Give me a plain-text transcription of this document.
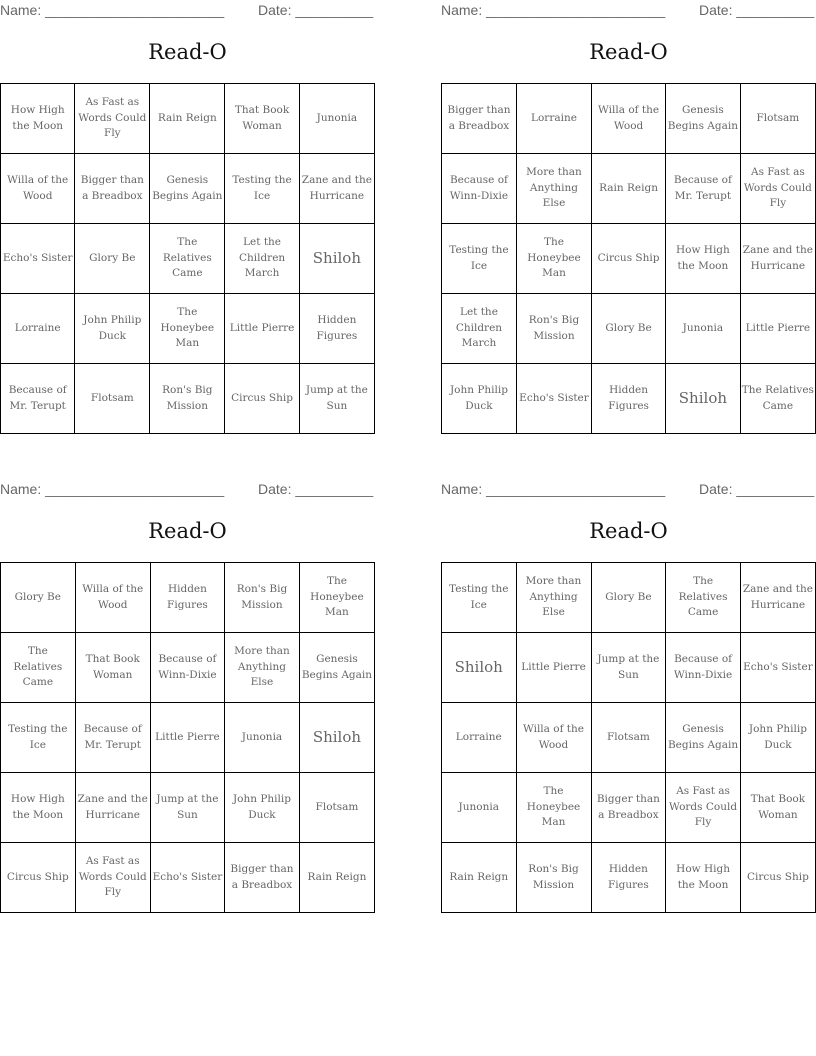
Name: _______________________ Date: __________
Read-O
How High the Moon	As Fast as Words Could Fly	Rain Reign	That Book Woman	Junonia
Willa of the Wood	Bigger than a Breadbox	Genesis Begins Again	Testing the Ice	Zane and the Hurricane
Echo's Sister	Glory Be	The Relatives Came	Let the Children March	Shiloh
Lorraine	John Philip Duck	The Honeybee Man	Little Pierre	Hidden Figures
Because of Mr. Terupt	Flotsam	Ron's Big Mission	Circus Ship	Jump at the Sun
Name: _______________________ Date: __________
Read-O
Bigger than a Breadbox	Lorraine	Willa of the Wood	Genesis Begins Again	Flotsam
Because of Winn-Dixie	More than Anything Else	Rain Reign	Because of Mr. Terupt	As Fast as Words Could Fly
Testing the Ice	The Honeybee Man	Circus Ship	How High the Moon	Zane and the Hurricane
Let the Children March	Ron's Big Mission	Glory Be	Junonia	Little Pierre
John Philip Duck	Echo's Sister	Hidden Figures	Shiloh	The Relatives Came
Name: _______________________ Date: __________
Read-O
Glory Be	Willa of the Wood	Hidden Figures	Ron's Big Mission	The Honeybee Man
The Relatives Came	That Book Woman	Because of Winn-Dixie	More than Anything Else	Genesis Begins Again
Testing the Ice	Because of Mr. Terupt	Little Pierre	Junonia	Shiloh
How High the Moon	Zane and the Hurricane	Jump at the Sun	John Philip Duck	Flotsam
Circus Ship	As Fast as Words Could Fly	Echo's Sister	Bigger than a Breadbox	Rain Reign
Name: _______________________ Date: __________
Read-O
Testing the Ice	More than Anything Else	Glory Be	The Relatives Came	Zane and the Hurricane
Shiloh	Little Pierre	Jump at the Sun	Because of Winn-Dixie	Echo's Sister
Lorraine	Willa of the Wood	Flotsam	Genesis Begins Again	John Philip Duck
Junonia	The Honeybee Man	Bigger than a Breadbox	As Fast as Words Could Fly	That Book Woman
Rain Reign	Ron's Big Mission	Hidden Figures	How High the Moon	Circus Ship
